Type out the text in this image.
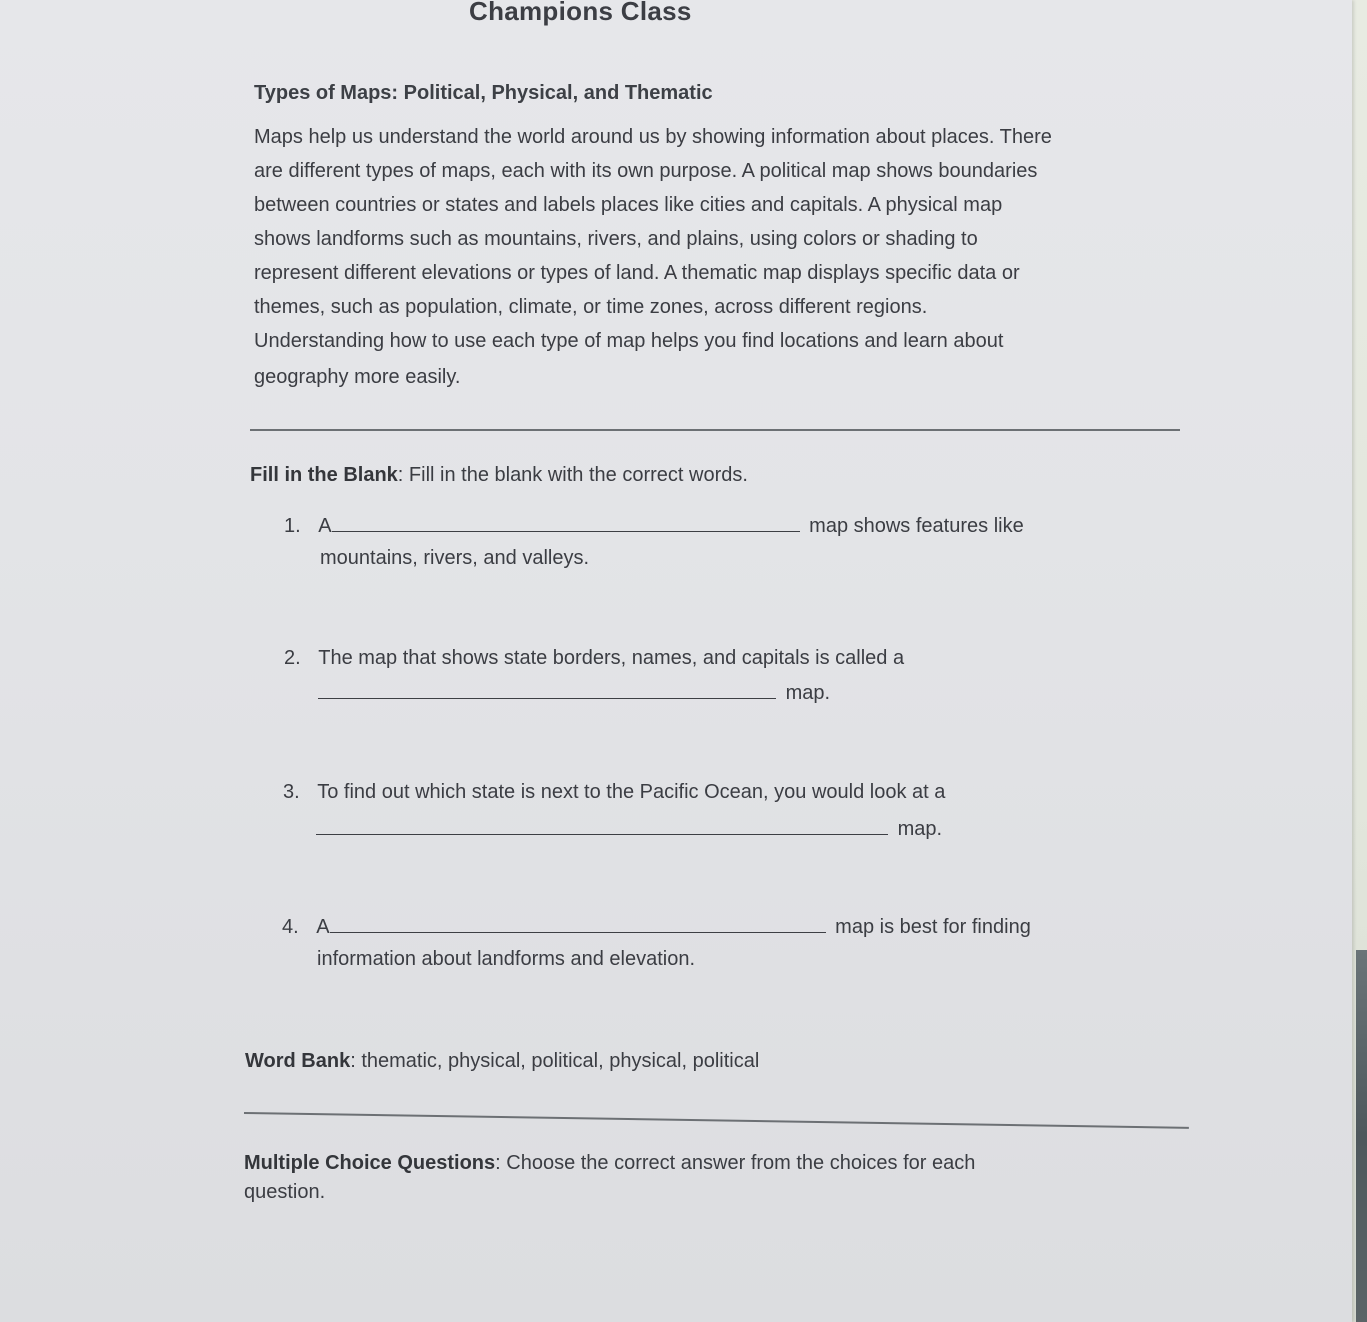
Champions Class
Types of Maps: Political, Physical, and Thematic
Maps help us understand the world around us by showing information about places. There
are different types of maps, each with its own purpose. A political map shows boundaries
between countries or states and labels places like cities and capitals. A physical map
shows landforms such as mountains, rivers, and plains, using colors or shading to
represent different elevations or types of land. A thematic map displays specific data or
themes, such as population, climate, or time zones, across different regions.
Understanding how to use each type of map helps you find locations and learn about
geography more easily.
Fill in the Blank: Fill in the blank with the correct words.
1. A	map shows features like
mountains, rivers, and valleys.
2. The map that shows state borders, names, and capitals is called a
map.
3. To find out which state is next to the Pacific Ocean, you would look at a
map.
4. A	map is best for finding
information about landforms and elevation.
Word Bank: thematic, physical, political, physical, political
Multiple Choice Questions: Choose the correct answer from the choices for each
question.
